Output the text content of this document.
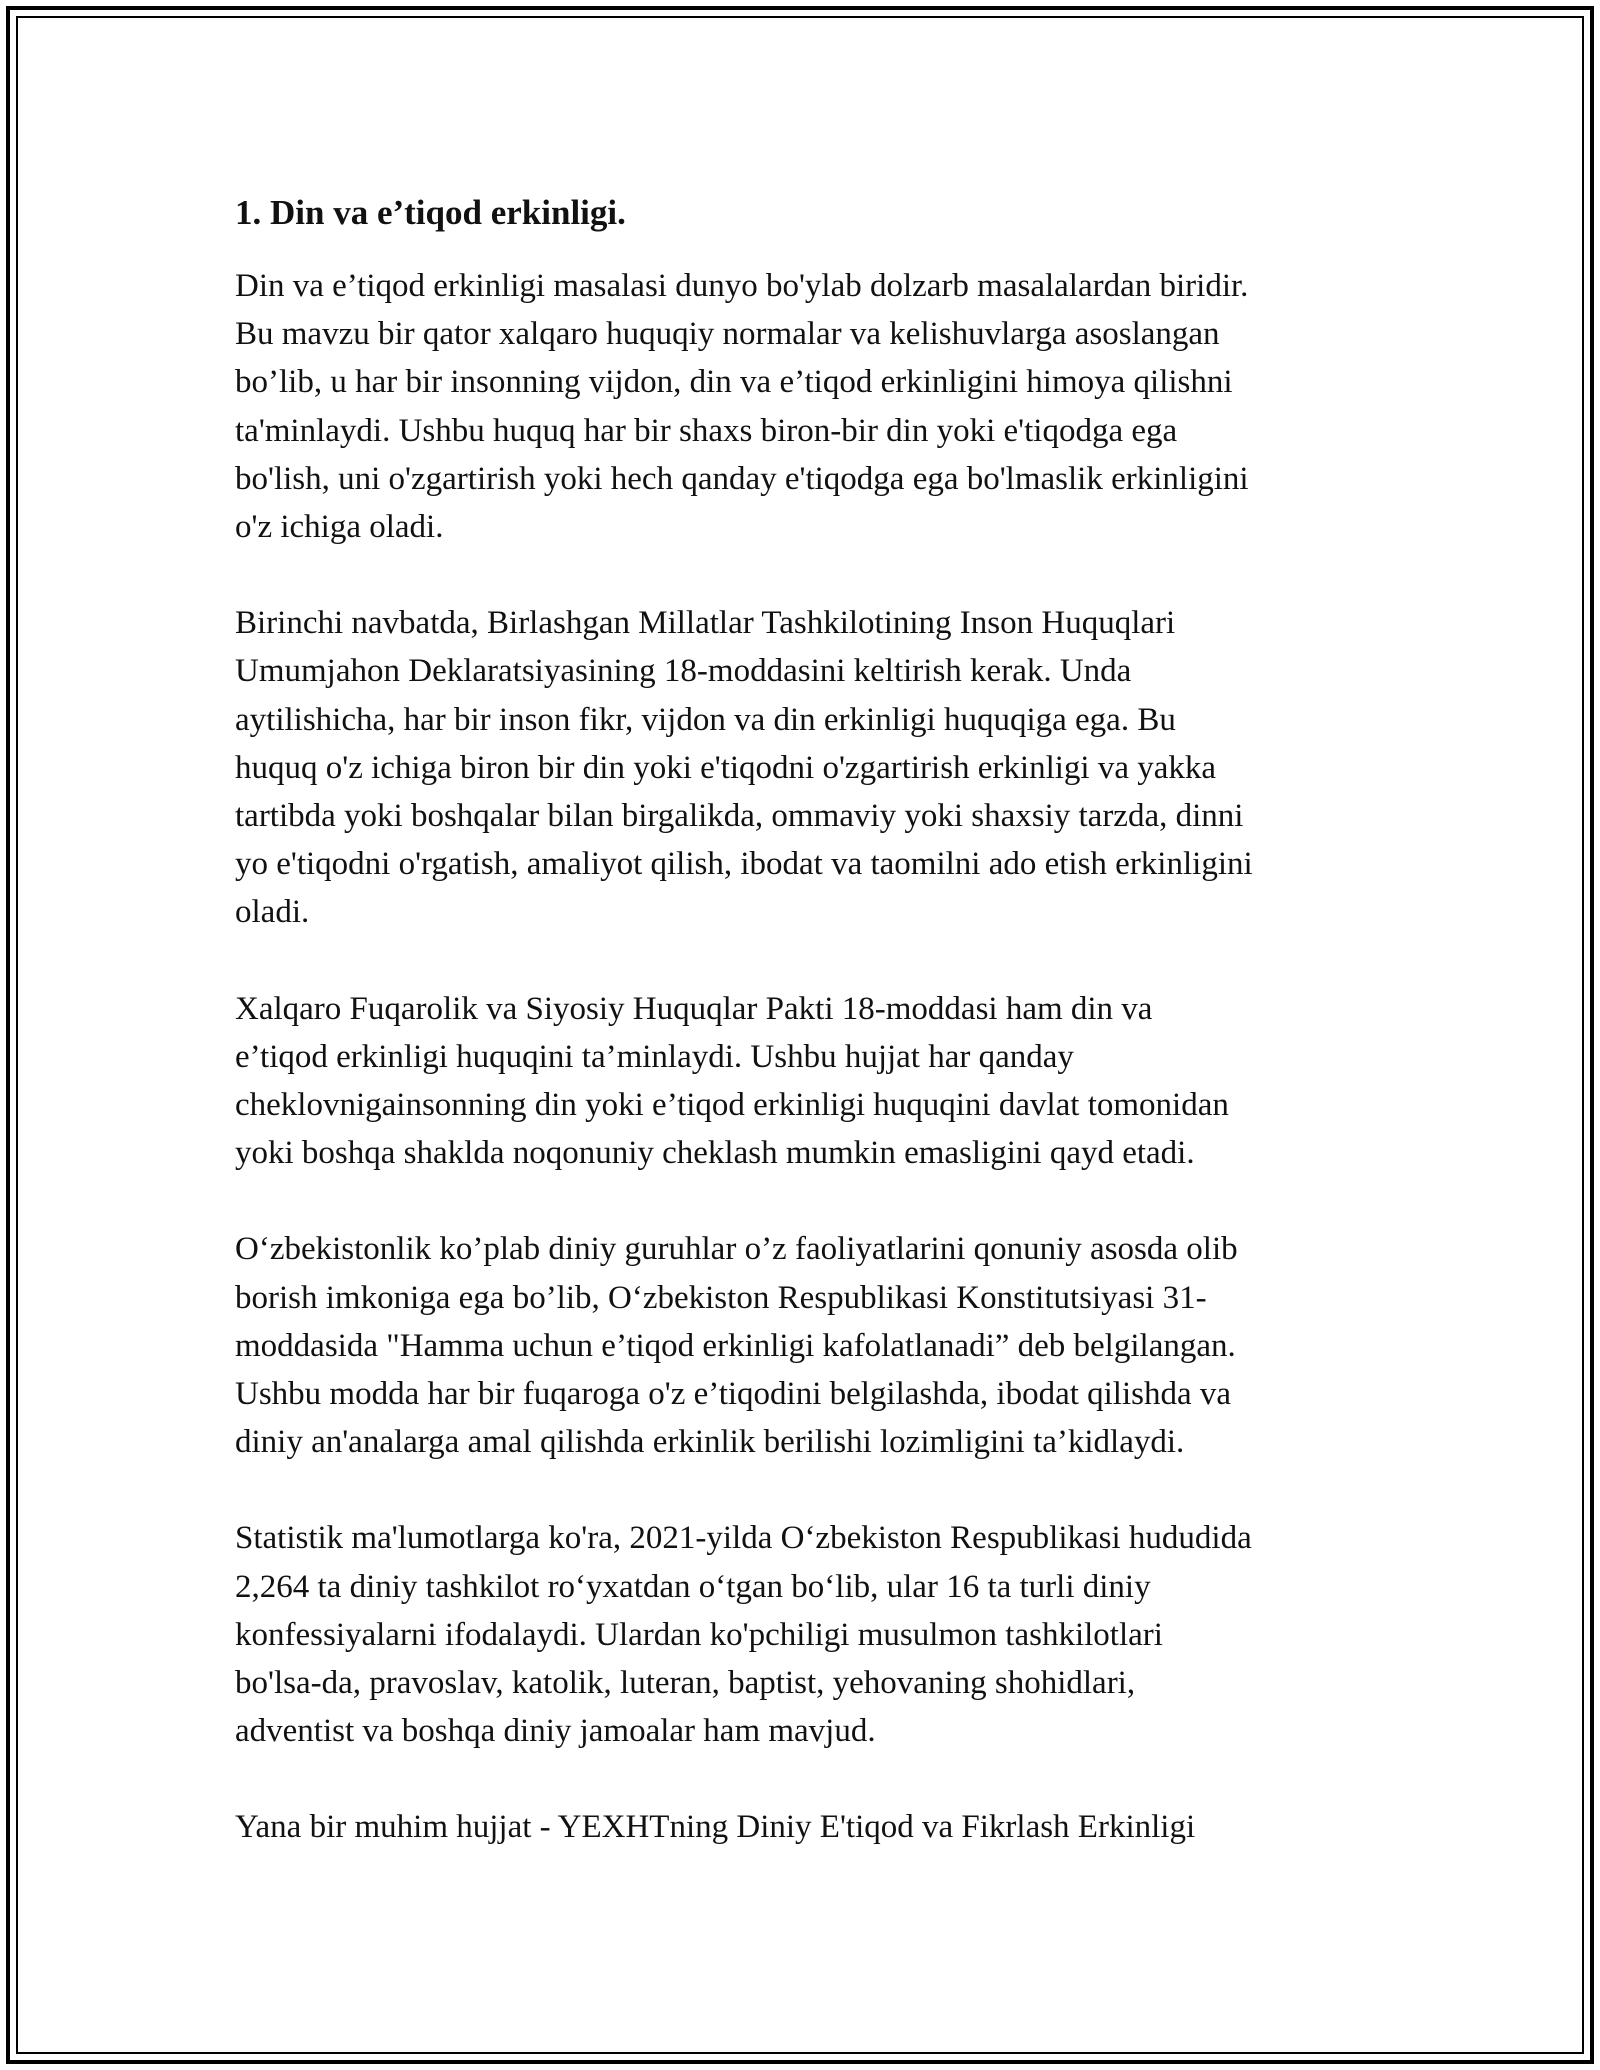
1. Din va e’tiqod erkinligi.

Din va e’tiqod erkinligi masalasi dunyo bo'ylab dolzarb masalalardan biridir.
Bu mavzu bir qator xalqaro huquqiy normalar va kelishuvlarga asoslangan
bo’lib, u har bir insonning vijdon, din va e’tiqod erkinligini himoya qilishni
ta'minlaydi. Ushbu huquq har bir shaxs biron-bir din yoki e'tiqodga ega
bo'lish, uni o'zgartirish yoki hech qanday e'tiqodga ega bo'lmaslik erkinligini
o'z ichiga oladi.

Birinchi navbatda, Birlashgan Millatlar Tashkilotining Inson Huquqlari
Umumjahon Deklaratsiyasining 18-moddasini keltirish kerak. Unda
aytilishicha, har bir inson fikr, vijdon va din erkinligi huquqiga ega. Bu
huquq o'z ichiga biron bir din yoki e'tiqodni o'zgartirish erkinligi va yakka
tartibda yoki boshqalar bilan birgalikda, ommaviy yoki shaxsiy tarzda, dinni
yo e'tiqodni o'rgatish, amaliyot qilish, ibodat va taomilni ado etish erkinligini
oladi.

Xalqaro Fuqarolik va Siyosiy Huquqlar Pakti 18-moddasi ham din va
e’tiqod erkinligi huquqini ta’minlaydi. Ushbu hujjat har qanday
cheklovnigainsonning din yoki e’tiqod erkinligi huquqini davlat tomonidan
yoki boshqa shaklda noqonuniy cheklash mumkin emasligini qayd etadi.

O‘zbekistonlik ko’plab diniy guruhlar o’z faoliyatlarini qonuniy asosda olib
borish imkoniga ega bo’lib, O‘zbekiston Respublikasi Konstitutsiyasi 31-
moddasida "Hamma uchun e’tiqod erkinligi kafolatlanadi” deb belgilangan.
Ushbu modda har bir fuqaroga o'z e’tiqodini belgilashda, ibodat qilishda va
diniy an'analarga amal qilishda erkinlik berilishi lozimligini ta’kidlaydi.

Statistik ma'lumotlarga ko'ra, 2021-yilda O‘zbekiston Respublikasi hududida
2,264 ta diniy tashkilot ro‘yxatdan o‘tgan bo‘lib, ular 16 ta turli diniy
konfessiyalarni ifodalaydi. Ulardan ko'pchiligi musulmon tashkilotlari
bo'lsa-da, pravoslav, katolik, luteran, baptist, yehovaning shohidlari,
adventist va boshqa diniy jamoalar ham mavjud.

Yana bir muhim hujjat - YEXHTning Diniy E'tiqod va Fikrlash Erkinligi
